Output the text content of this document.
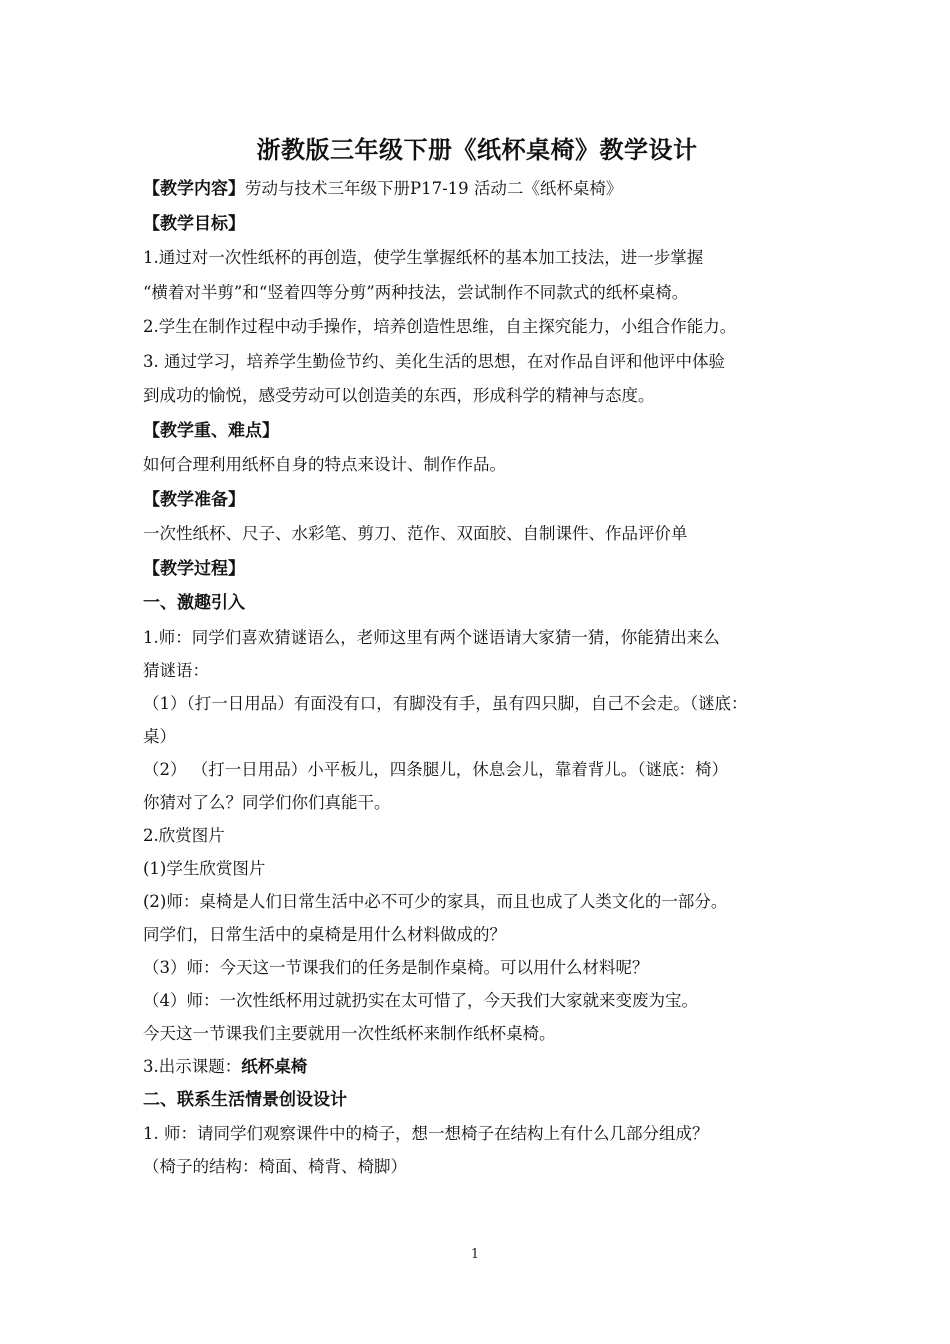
浙教版三年级下册《纸杯桌椅》教学设计
【教学内容】劳动与技术三年级下册P17-19 活动二《纸杯桌椅》
【教学目标】
1.通过对一次性纸杯的再创造，使学生掌握纸杯的基本加工技法，进一步掌握
“横着对半剪”和“竖着四等分剪”两种技法，尝试制作不同款式的纸杯桌椅。
2.学生在制作过程中动手操作，培养创造性思维，自主探究能力，小组合作能力。
3. 通过学习，培养学生勤俭节约、美化生活的思想，在对作品自评和他评中体验
到成功的愉悦，感受劳动可以创造美的东西，形成科学的精神与态度。
【教学重、难点】
如何合理利用纸杯自身的特点来设计、制作作品。
【教学准备】
一次性纸杯、尺子、水彩笔、剪刀、范作、双面胶、自制课件、作品评价单
【教学过程】
一、激趣引入
1.师：同学们喜欢猜谜语么，老师这里有两个谜语请大家猜一猜，你能猜出来么
猜谜语：
（1）（打一日用品）有面没有口，有脚没有手，虽有四只脚，自己不会走。（谜底：
桌）
（2） （打一日用品）小平板儿，四条腿儿，休息会儿，靠着背儿。（谜底：椅）
你猜对了么？同学们你们真能干。
2.欣赏图片
(1)学生欣赏图片
(2)师：桌椅是人们日常生活中必不可少的家具，而且也成了人类文化的一部分。
同学们，日常生活中的桌椅是用什么材料做成的？
（3）师：今天这一节课我们的任务是制作桌椅。可以用什么材料呢？
（4）师：一次性纸杯用过就扔实在太可惜了，今天我们大家就来变废为宝。
今天这一节课我们主要就用一次性纸杯来制作纸杯桌椅。
3.出示课题：纸杯桌椅
二、联系生活情景创设设计
1. 师：请同学们观察课件中的椅子，想一想椅子在结构上有什么几部分组成？
（椅子的结构：椅面、椅背、椅脚）
1
